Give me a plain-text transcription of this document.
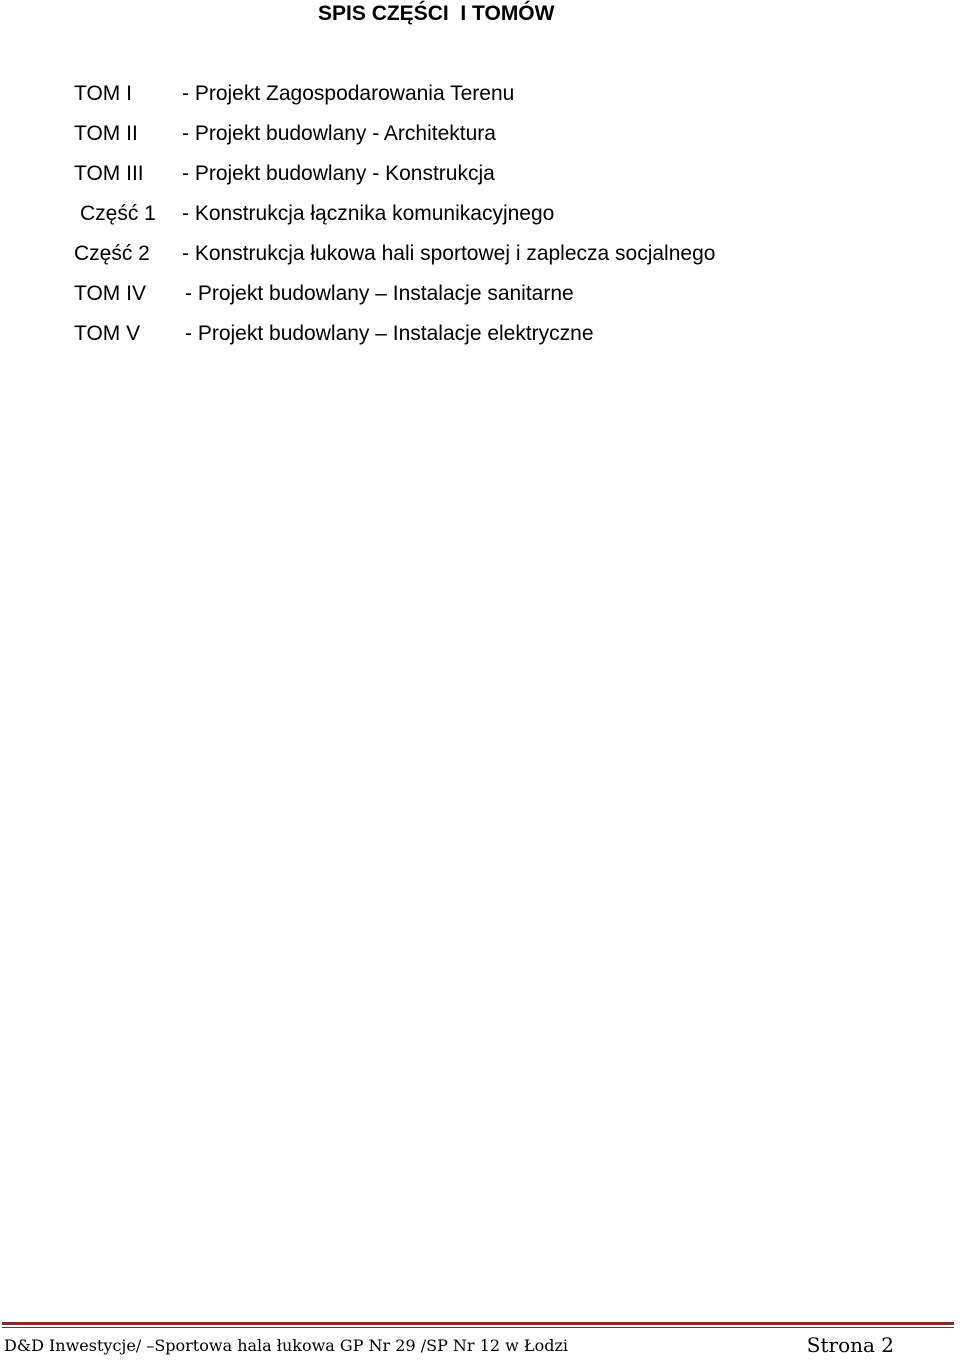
SPIS CZĘŚCI  I TOMÓW

TOM I

- Projekt Zagospodarowania Terenu

TOM II

- Projekt budowlany - Architektura

TOM III

- Projekt budowlany - Konstrukcja

Część 1

- Konstrukcja łącznika komunikacyjnego

Część 2

- Konstrukcja łukowa hali sportowej i zaplecza socjalnego

TOM IV

- Projekt budowlany – Instalacje sanitarne

TOM V

- Projekt budowlany – Instalacje elektryczne

D&D Inwestycje/ –Sportowa hala łukowa GP Nr 29 /SP Nr 12 w Łodzi	Strona 2
